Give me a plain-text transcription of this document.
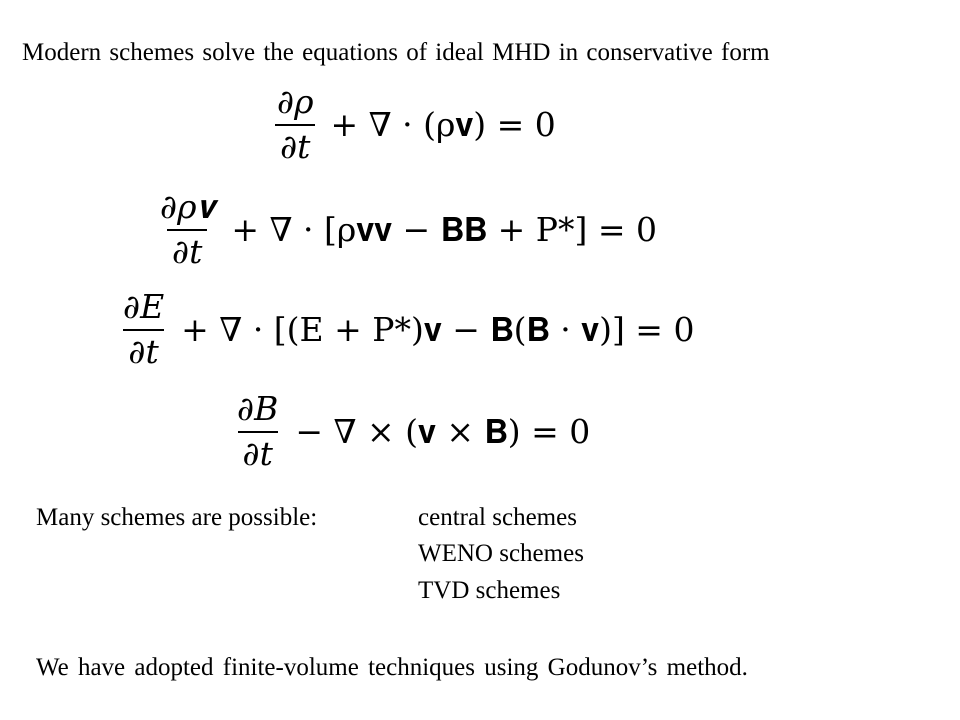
Modern schemes solve the equations of ideal MHD in conservative form
$\frac{\partial\rho}{\partial t}$ + ∇ · (ρ𝐯) = 0
$\frac{\text{∂ρ𝐯}}{\partial t}$ + ∇ · [ρ𝐯𝐯 − 𝐁𝐁 + P*] = 0
$\frac{\partial E}{\partial t}$ + ∇ · [(E + P*)𝐯 − 𝐁(𝐁 · 𝐯)] = 0
$\frac{\partial B}{\partial t}$ − ∇ × (𝐯 × 𝐁) = 0
Many schemes are possible:	central schemes
WENO schemes
TVD schemes
We have adopted finite-volume techniques using Godunov’s method.
